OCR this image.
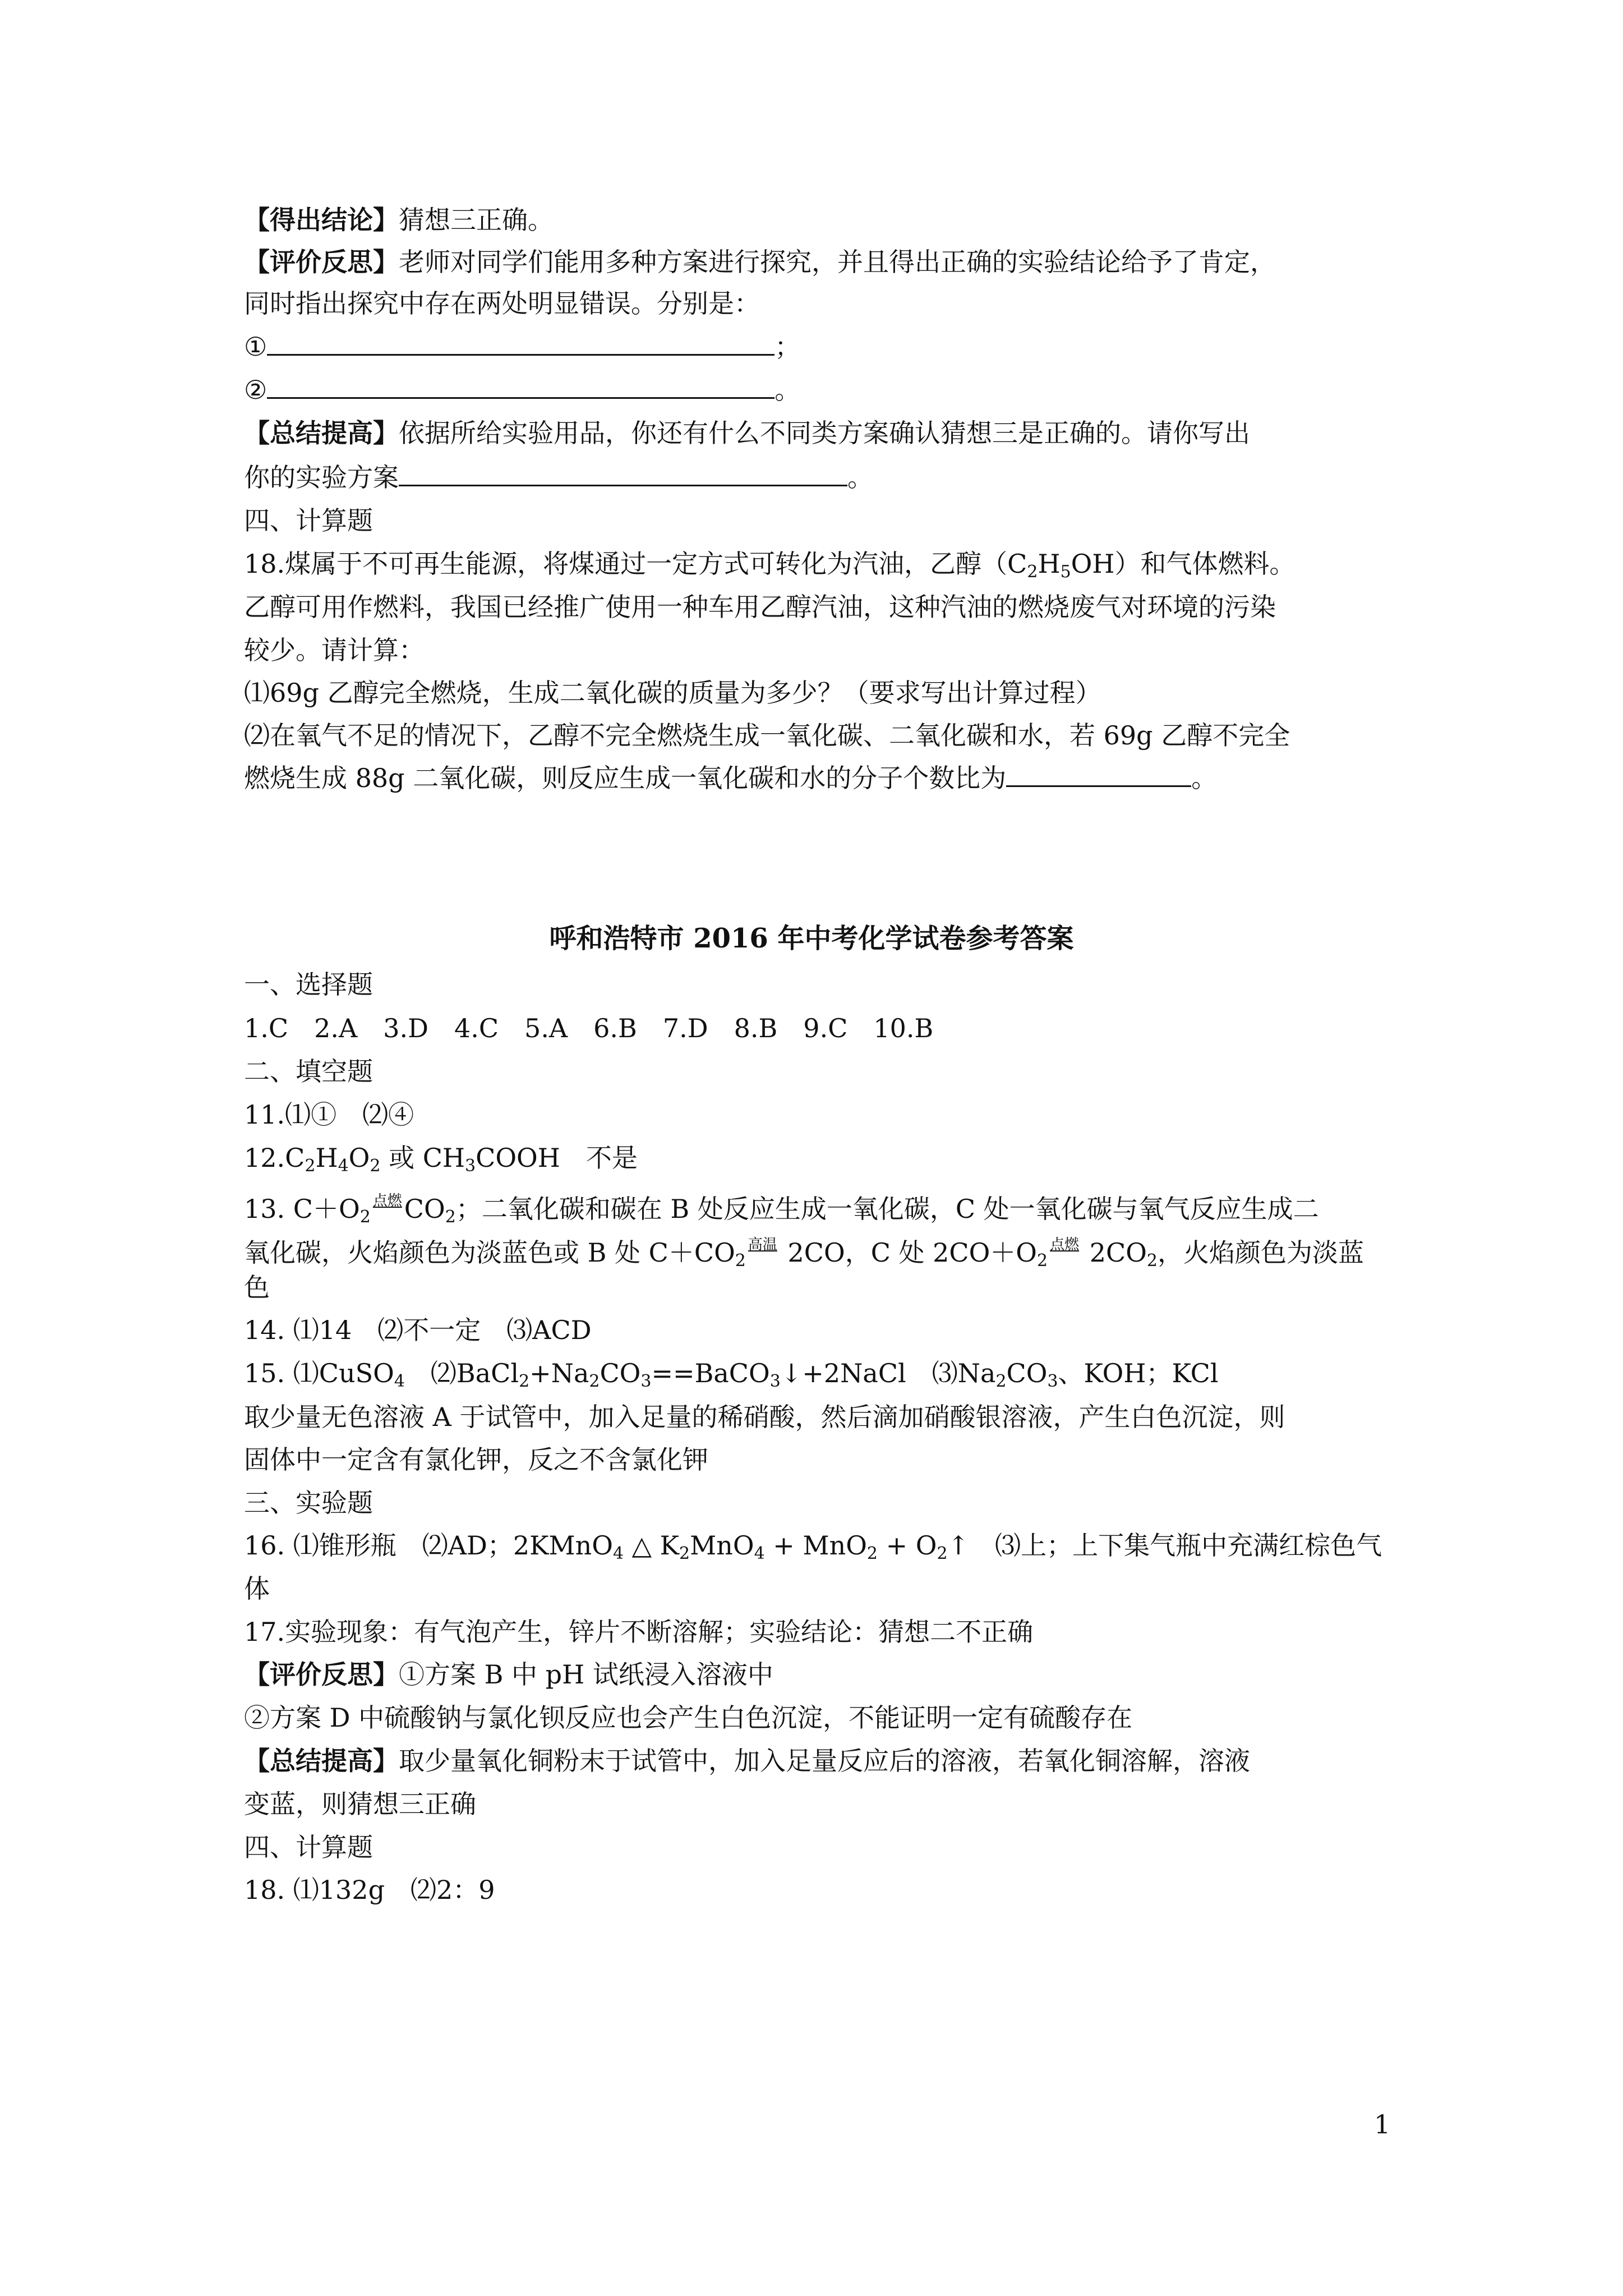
【得出结论】猜想三正确。
【评价反思】老师对同学们能用多种方案进行探究，并且得出正确的实验结论给予了肯定，
同时指出探究中存在两处明显错误。分别是：
①	；
②	。
【总结提高】依据所给实验用品，你还有什么不同类方案确认猜想三是正确的。请你写出
你的实验方案	。
四、计算题
18.煤属于不可再生能源，将煤通过一定方式可转化为汽油，乙醇$(C_2H_5OH)$和气体燃料。
乙醇可用作燃料，我国已经推广使用一种车用乙醇汽油，这种汽油的燃烧废气对环境的污染
较少。请计算：
⑴69g 乙醇完全燃烧，生成二氧化碳的质量为多少？（要求写出计算过程）
⑵在氧气不足的情况下，乙醇不完全燃烧生成一氧化碳、二氧化碳和水，若 69g 乙醇不完全
燃烧生成 88g 二氧化碳，则反应生成一氧化碳和水的分子个数比为	。
呼和浩特市 2016 年中考化学试卷参考答案
一、选择题
1.C　2.A　3.D　4.C　5.A　6.B　7.D　8.B　9.C　10.B
二、填空题
11.⑴①　⑵④
$12.C_2H_4O_2$ 或 $CH_3COOH$　不是
13. $C+O_2$点燃$CO_2$；二氧化碳和碳在 B 处反应生成一氧化碳，C 处一氧化碳与氧气反应生成二
氧化碳，火焰颜色为淡蓝色或 B 处 $C+CO_2$高温 2CO，C 处 $2CO+O_2$点燃 $2CO_2$，火焰颜色为淡蓝
色
14. ⑴14　⑵不一定　⑶ACD
15. ⑴CuSO$_4$　$⑵BaCl_2+Na_2CO_3==BaCO_3↓+2NaCl$　$⑶Na_2CO_3$、KOH；KCl
取少量无色溶液 A 于试管中，加入足量的稀硝酸，然后滴加硝酸银溶液，产生白色沉淀，则
固体中一定含有氯化钾，反之不含氯化钾
三、实验题
16. ⑴锥形瓶　⑵AD；2KMnO$_4$ △ $K_2MnO_4 + MnO_2$ + $O_2↑$　⑶上；上下集气瓶中充满红棕色气
体
17.实验现象：有气泡产生，锌片不断溶解；实验结论：猜想二不正确
【评价反思】①方案 B 中 pH 试纸浸入溶液中
②方案 D 中硫酸钠与氯化钡反应也会产生白色沉淀，不能证明一定有硫酸存在
【总结提高】取少量氧化铜粉末于试管中，加入足量反应后的溶液，若氧化铜溶解，溶液
变蓝，则猜想三正确
四、计算题
18. ⑴132g　⑵2：9
1
